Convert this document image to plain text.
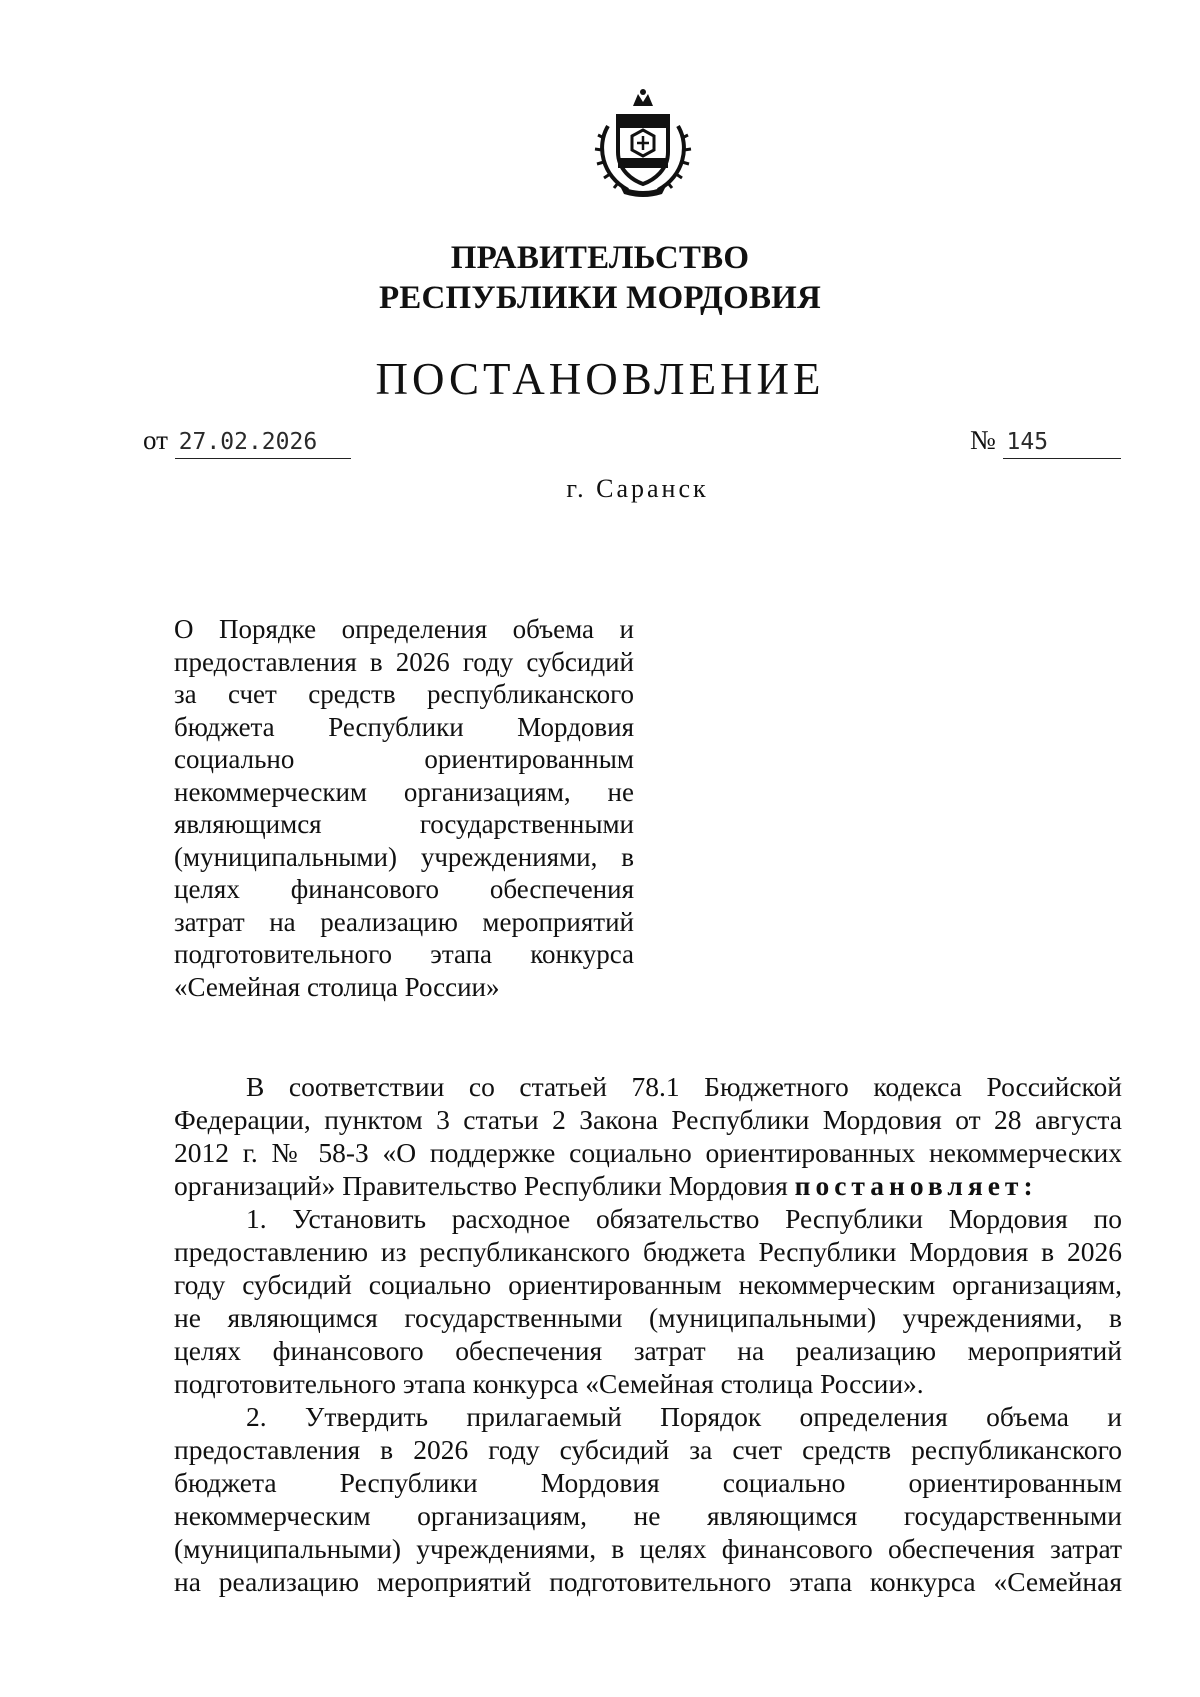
ПРАВИТЕЛЬСТВО
РЕСПУБЛИКИ МОРДОВИЯ
ПОСТАНОВЛЕНИЕ
от 27.02.2026	№ 145
г. Саранск
О Порядке определения объема и
предоставления в 2026 году субсидий
за счет средств республиканского
бюджета Республики Мордовия
социально ориентированным
некоммерческим организациям, не
являющимся государственными
(муниципальными) учреждениями, в
целях финансового обеспечения
затрат на реализацию мероприятий
подготовительного этапа конкурса
«Семейная столица России»
В соответствии со статьей 78.1 Бюджетного кодекса Российской
Федерации, пунктом 3 статьи 2 Закона Республики Мордовия от 28 августа
2012 г. № 58-З «О поддержке социально ориентированных некоммерческих
организаций» Правительство Республики Мордовия постановляет:
1. Установить расходное обязательство Республики Мордовия по
предоставлению из республиканского бюджета Республики Мордовия в 2026
году субсидий социально ориентированным некоммерческим организациям,
не являющимся государственными (муниципальными) учреждениями, в
целях финансового обеспечения затрат на реализацию мероприятий
подготовительного этапа конкурса «Семейная столица России».
2. Утвердить прилагаемый Порядок определения объема и
предоставления в 2026 году субсидий за счет средств республиканского
бюджета Республики Мордовия социально ориентированным
некоммерческим организациям, не являющимся государственными
(муниципальными) учреждениями, в целях финансового обеспечения затрат
на реализацию мероприятий подготовительного этапа конкурса «Семейная
